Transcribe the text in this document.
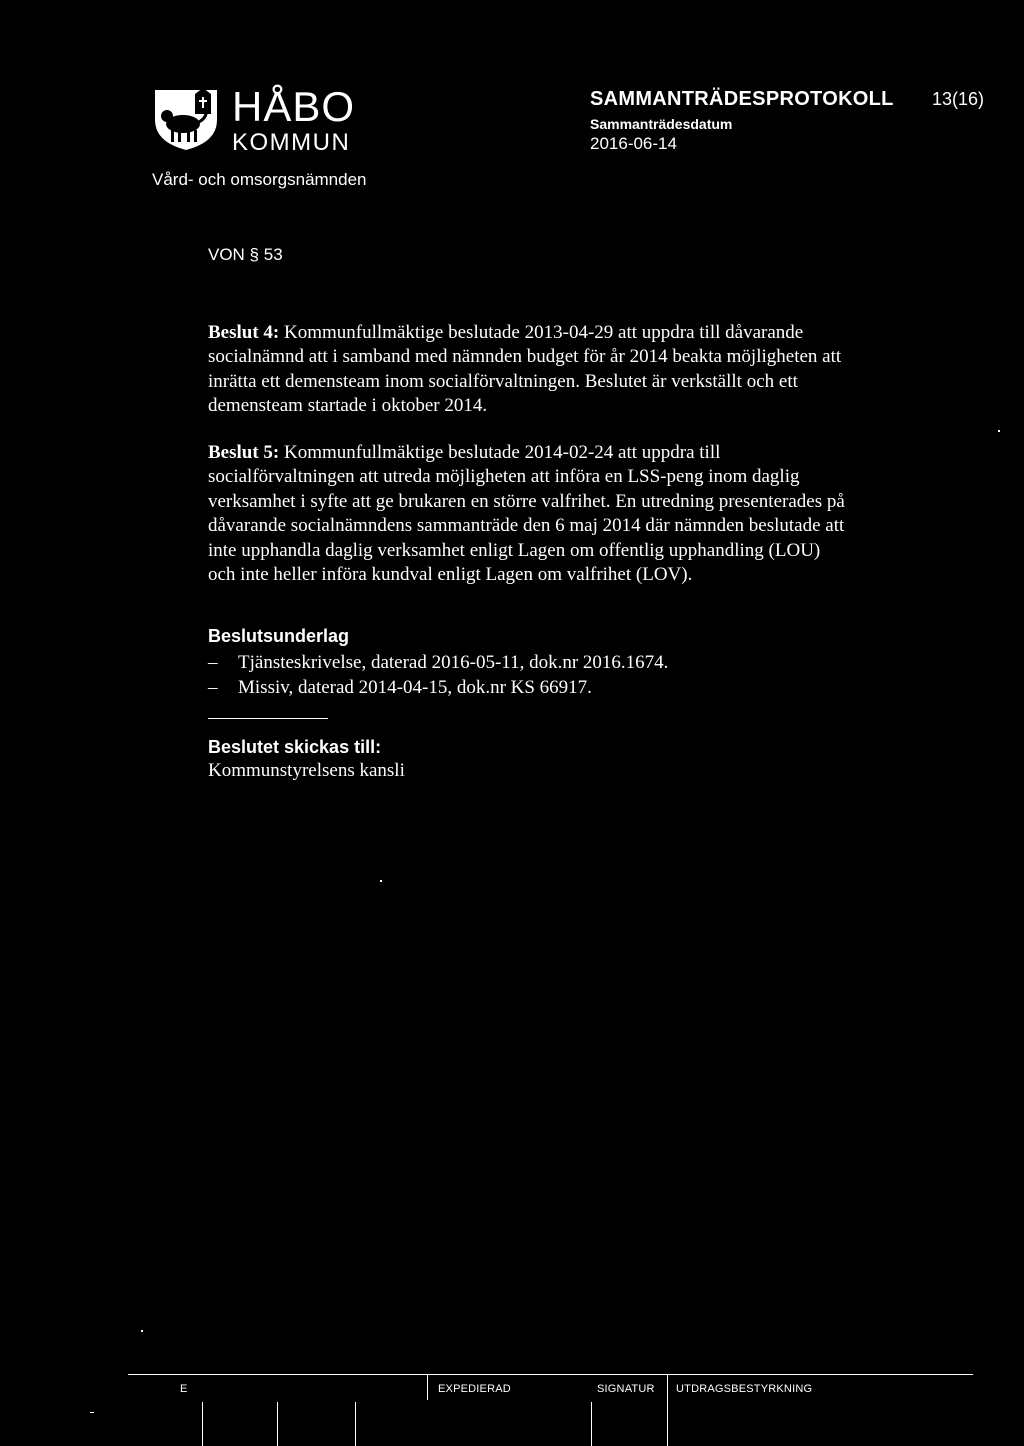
HÅBO
KOMMUN
Vård- och omsorgsnämnden
SAMMANTRÄDESPROTOKOLL
Sammanträdesdatum
2016-06-14
13(16)
VON § 53
Beslut 4: Kommunfullmäktige beslutade 2013-04-29 att uppdra till dåvarande socialnämnd att i samband med nämnden budget för år 2014 beakta möjligheten att inrätta ett demensteam inom socialförvaltningen. Beslutet är verkställt och ett demensteam startade i oktober 2014.
Beslut 5: Kommunfullmäktige beslutade 2014-02-24 att uppdra till socialförvaltningen att utreda möjligheten att införa en LSS-peng inom daglig verksamhet i syfte att ge brukaren en större valfrihet. En utredning presenterades på dåvarande socialnämndens sammanträde den 6 maj 2014 där nämnden beslutade att inte upphandla daglig verksamhet enligt Lagen om offentlig upphandling (LOU) och inte heller införa kundval enligt Lagen om valfrihet (LOV).
Beslutsunderlag
– Tjänsteskrivelse, daterad 2016-05-11, dok.nr 2016.1674.
– Missiv, daterad 2014-04-15, dok.nr KS 66917.
Beslutet skickas till:
Kommunstyrelsens kansli
E	EXPEDIERAD	SIGNATUR UTDRAGSBESTYRKNING
